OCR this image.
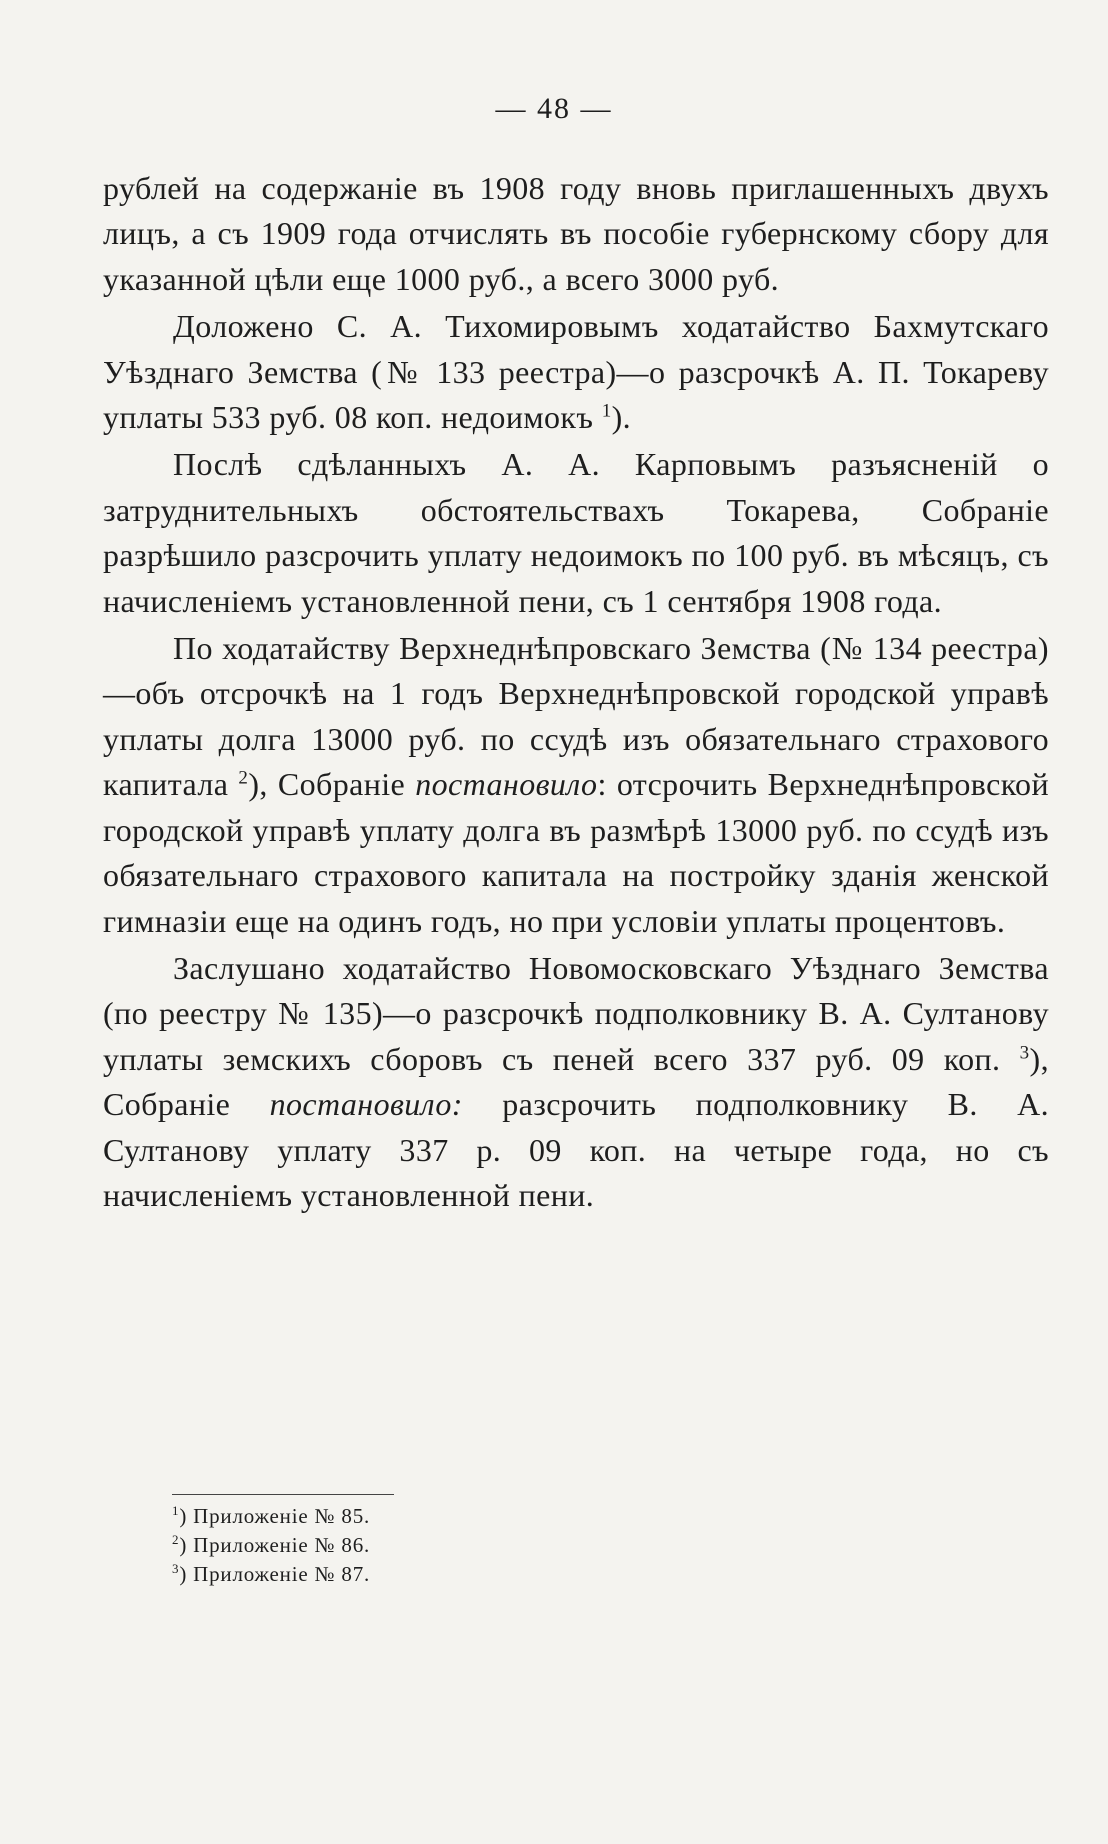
— 48 —

рублей на содержаніе въ 1908 году вновь приглашенныхъ двухъ лицъ, а съ 1909 года отчислять въ пособіе губернскому сбору для указанной цѣли еще 1000 руб., а всего 3000 руб.

Доложено С. А. Тихомировымъ ходатайство Бахмутскаго Уѣзднаго Земства (№ 133 реестра)—о разсрочкѣ А. П. Токареву уплаты 533 руб. 08 коп. недоимокъ $^1$).

Послѣ сдѣланныхъ А. А. Карповымъ разъясненій о затруднительныхъ обстоятельствахъ Токарева, Собраніе разрѣшило разсрочить уплату недоимокъ по 100 руб. въ мѣсяцъ, съ начисленіемъ установленной пени, съ 1 сентября 1908 года.

По ходатайству Верхнеднѣпровскаго Земства (№ 134 реестра)—объ отсрочкѣ на 1 годъ Верхнеднѣпровской городской управѣ уплаты долга 13000 руб. по ссудѣ изъ обязательнаго страхового капитала $^2$), Собраніе постановило: отсрочить Верхнеднѣпровской городской управѣ уплату долга въ размѣрѣ 13000 руб. по ссудѣ изъ обязательнаго страхового капитала на постройку зданія женской гимназіи еще на одинъ годъ, но при условіи уплаты процентовъ.

Заслушано ходатайство Новомосковскаго Уѣзднаго Земства (по реестру № 135)—о разсрочкѣ подполковнику В. А. Султанову уплаты земскихъ сборовъ съ пеней всего 337 руб. 09 коп. $^3$), Собраніе постановило: разсрочить подполковнику В. А. Султанову уплату 337 р. 09 коп. на четыре года, но съ начисленіемъ установленной пени.

$^1$) Приложеніе № 85.
$^2$) Приложеніе № 86.
$^3$) Приложеніе № 87.
